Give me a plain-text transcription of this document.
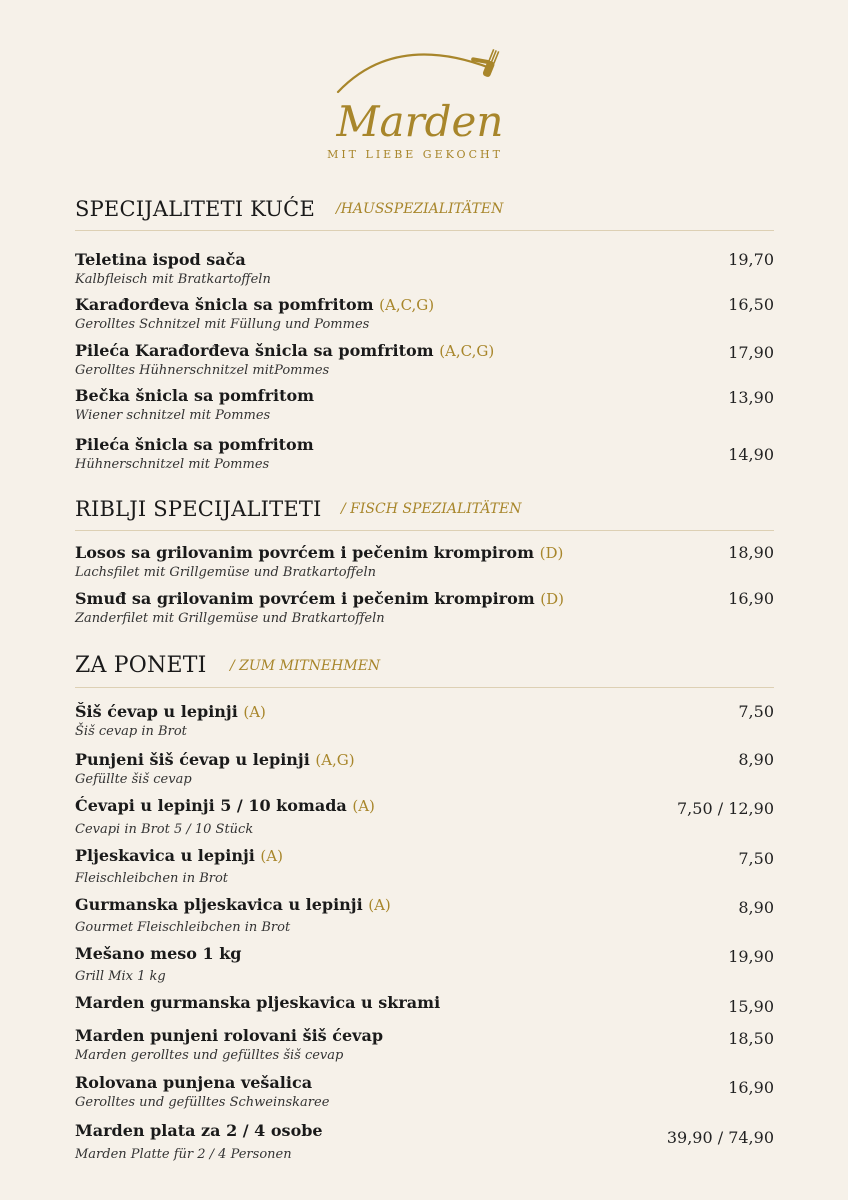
Marden
MIT LIEBE GEKOCHT
SPECIJALITETI KUĆE /HAUSSPEZIALITÄTEN
Teletina ispod sača
Kalbfleisch mit Bratkartoffeln
19,70
Karađorđeva šnicla sa pomfritom (A,C,G)
Gerolltes Schnitzel mit Füllung und Pommes
16,50
Pileća Karađorđeva šnicla sa pomfritom (A,C,G)
Gerolltes Hühnerschnitzel mitPommes
17,90
Bečka šnicla sa pomfritom
Wiener schnitzel mit Pommes
13,90
Pileća šnicla sa pomfritom
Hühnerschnitzel mit Pommes
14,90
RIBLJI SPECIJALITETI / FISCH SPEZIALITÄTEN
Losos sa grilovanim povrćem i pečenim krompirom (D)
Lachsfilet mit Grillgemüse und Bratkartoffeln
18,90
Smuđ sa grilovanim povrćem i pečenim krompirom (D)
Zanderfilet mit Grillgemüse und Bratkartoffeln
16,90
ZA PONETI / ZUM MITNEHMEN
Šiš ćevap u lepinji (A)
Šiš cevap in Brot
7,50
Punjeni šiš ćevap u lepinji (A,G)
Gefüllte šiš cevap
8,90
Ćevapi u lepinji 5 / 10 komada (A)
Cevapi in Brot 5 / 10 Stück
7,50 / 12,90
Pljeskavica u lepinji (A)
Fleischleibchen in Brot
7,50
Gurmanska pljeskavica u lepinji (A)
Gourmet Fleischleibchen in Brot
8,90
Mešano meso 1 kg
Grill Mix 1 kg
19,90
Marden gurmanska pljeskavica u skrami	15,90
Marden punjeni rolovani šiš ćevap
Marden gerolltes und gefülltes šiš cevap
18,50
Rolovana punjena vešalica
Gerolltes und gefülltes Schweinskaree
16,90
Marden plata za 2 / 4 osobe
Marden Platte für 2 / 4 Personen
39,90 / 74,90
